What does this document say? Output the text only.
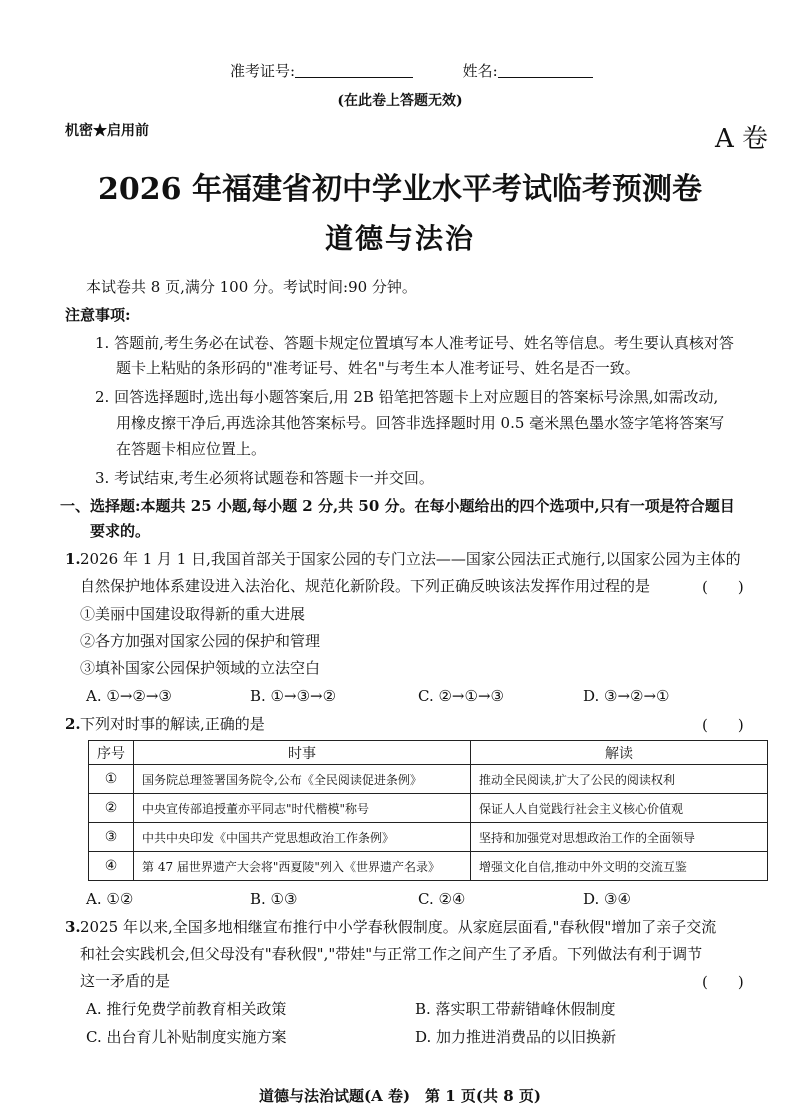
准考证号:	姓名:
(在此卷上答题无效)
机密★启用前	A 卷
2026 年福建省初中学业水平考试临考预测卷
道德与法治
本试卷共 8 页,满分 100 分。考试时间:90 分钟。
注意事项:
1. 答题前,考生务必在试卷、答题卡规定位置填写本人准考证号、姓名等信息。考生要认真核对答
题卡上粘贴的条形码的"准考证号、姓名"与考生本人准考证号、姓名是否一致。
2. 回答选择题时,选出每小题答案后,用 2B 铅笔把答题卡上对应题目的答案标号涂黑,如需改动,
用橡皮擦干净后,再选涂其他答案标号。回答非选择题时用 0.5 毫米黑色墨水签字笔将答案写
在答题卡相应位置上。
3. 考试结束,考生必须将试题卷和答题卡一并交回。
一、选择题:本题共 25 小题,每小题 2 分,共 50 分。在每小题给出的四个选项中,只有一项是符合题目
要求的。
1. 2026 年 1 月 1 日,我国首部关于国家公园的专门立法——国家公园法正式施行,以国家公园为主体的
自然保护地体系建设进入法治化、规范化新阶段。下列正确反映该法发挥作用过程的是	(　　)
①美丽中国建设取得新的重大进展
②各方加强对国家公园的保护和管理
③填补国家公园保护领域的立法空白
A. ①→②→③	B. ①→③→②	C. ②→①→③	D. ③→②→①
2. 下列对时事的解读,正确的是	(　　)
序号	时事	解读
①	国务院总理签署国务院令,公布《全民阅读促进条例》	推动全民阅读,扩大了公民的阅读权利
②	中央宣传部追授董亦平同志"时代楷模"称号	保证人人自觉践行社会主义核心价值观
③	中共中央印发《中国共产党思想政治工作条例》	坚持和加强党对思想政治工作的全面领导
④	第 47 届世界遗产大会将"西夏陵"列入《世界遗产名录》	增强文化自信,推动中外文明的交流互鉴
A. ①②	B. ①③	C. ②④	D. ③④
3. 2025 年以来,全国多地相继宣布推行中小学春秋假制度。从家庭层面看,"春秋假"增加了亲子交流
和社会实践机会,但父母没有"春秋假","带娃"与正常工作之间产生了矛盾。下列做法有利于调节
这一矛盾的是	(　　)
A. 推行免费学前教育相关政策	B. 落实职工带薪错峰休假制度
C. 出台育儿补贴制度实施方案	D. 加力推进消费品的以旧换新
道德与法治试题(A 卷)　第 1 页(共 8 页)
